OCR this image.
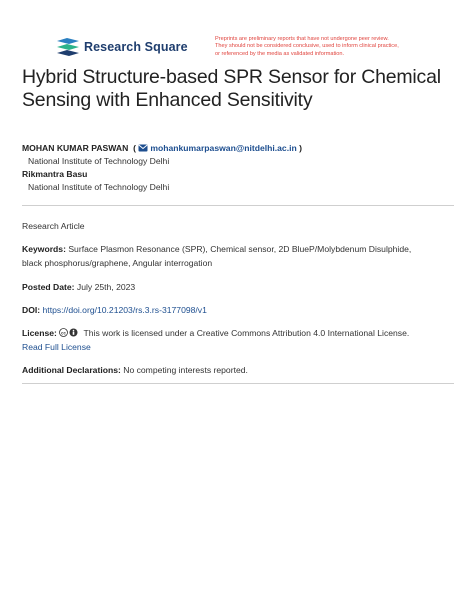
Research Square
Preprints are preliminary reports that have not undergone peer review.
They should not be considered conclusive, used to inform clinical practice,
or referenced by the media as validated information.
Hybrid Structure-based SPR Sensor for Chemical
Sensing with Enhanced Sensitivity
MOHAN KUMAR PASWAN  ( mohankumarpaswan@nitdelhi.ac.in )
National Institute of Technology Delhi
Rikmantra Basu
National Institute of Technology Delhi
Research Article
Keywords: Surface Plasmon Resonance (SPR), Chemical sensor, 2D BlueP/Molybdenum Disulphide,
black phosphorus/graphene, Angular interrogation
Posted Date: July 25th, 2023
DOI: https://doi.org/10.21203/rs.3.rs-3177098/v1
License: cc This work is licensed under a Creative Commons Attribution 4.0 International License.
Read Full License
Additional Declarations: No competing interests reported.
